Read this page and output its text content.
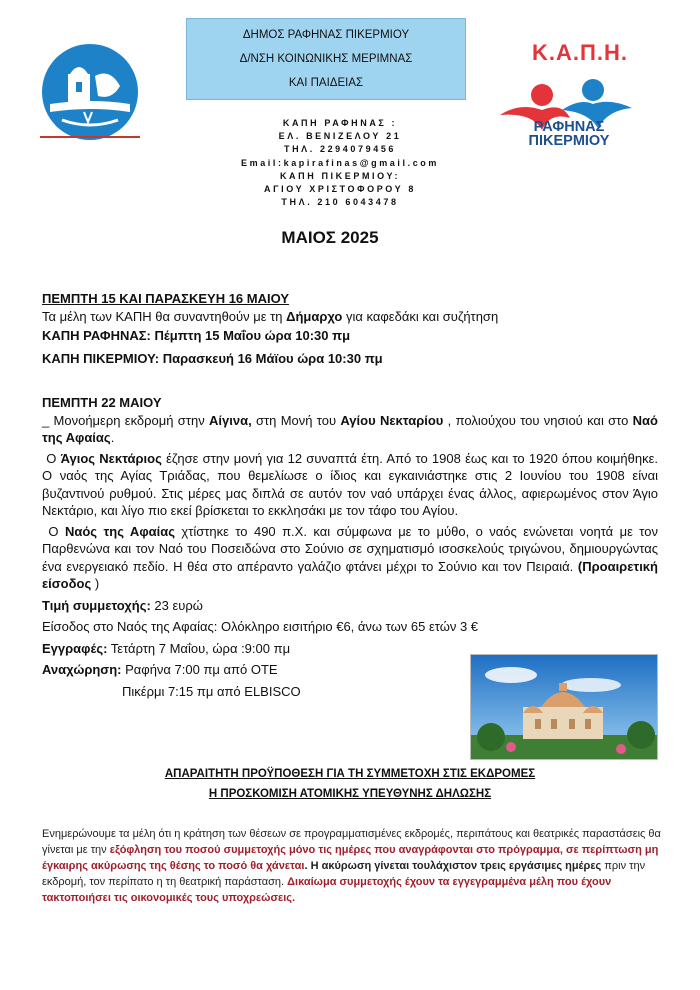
ΔΗΜΟΣ ΡΑΦΗΝΑΣ ΠΙΚΕΡΜΙΟΥ
Δ/ΝΣΗ ΚΟΙΝΩΝΙΚΗΣ ΜΕΡΙΜΝΑΣ
ΚΑΙ ΠΑΙΔΕΙΑΣ
Κ.Α.Π.Η.
ΡΑΦΗΝΑΣ
ΠΙΚΕΡΜΙΟΥ
ΚΑΠΗ ΡΑΦΗΝΑΣ :
ΕΛ. ΒΕΝΙΖΕΛΟΥ 21
ΤΗΛ. 2294079456
Email:kapirafinas@gmail.com
ΚΑΠΗ ΠΙΚΕΡΜΙΟΥ:
ΑΓΙΟΥ ΧΡΙΣΤΟΦΟΡΟΥ 8
ΤΗΛ. 210 6043478
ΜΑΙΟΣ 2025
ΠΕΜΠΤΗ 15 ΚΑΙ ΠΑΡΑΣΚΕΥΗ 16 ΜΑΙΟΥ
Τα μέλη των ΚΑΠΗ θα συναντηθούν με τη Δήμαρχο για καφεδάκι και συζήτηση
ΚΑΠΗ ΡΑΦΗΝΑΣ: Πέμπτη 15 Μαΐου ώρα 10:30 πμ
ΚΑΠΗ ΠΙΚΕΡΜΙΟΥ: Παρασκευή 16 Μάϊου ώρα 10:30 πμ
ΠΕΜΠΤΗ 22 ΜΑΙΟΥ
_ Μονοήμερη εκδρομή στην Αίγινα, στη Μονή του Αγίου Νεκταρίου , πολιούχου του νησιού και στο Ναό της Αφαίας.
Ο Άγιος Νεκτάριος έζησε στην μονή για 12 συναπτά έτη. Από το 1908 έως και το 1920 όπου κοιμήθηκε. Ο ναός της Αγίας Τριάδας, που θεμελίωσε ο ίδιος και εγκαινιάστηκε στις 2 Ιουνίου του 1908 είναι βυζαντινού ρυθμού. Στις μέρες μας διπλά σε αυτόν τον ναό υπάρχει ένας άλλος, αφιερωμένος στον Άγιο Νεκτάριο, και λίγο πιο εκεί βρίσκεται το εκκλησάκι με τον τάφο του Αγίου.
Ο Ναός της Αφαίας χτίστηκε το 490 π.Χ. και σύμφωνα με το μύθο, ο ναός ενώνεται νοητά με τον Παρθενώνα και τον Ναό του Ποσειδώνα στο Σούνιο σε σχηματισμό ισοσκελούς τριγώνου, δημιουργώντας ένα ενεργειακό πεδίο. Η θέα στο απέραντο γαλάζιο φτάνει μέχρι το Σούνιο και τον Πειραιά. (Προαιρετική είσοδος )
Τιμή συμμετοχής: 23 ευρώ
Είσοδος στο Ναός της Αφαίας: Ολόκληρο εισιτήριο €6, άνω των 65 ετών 3 €
Εγγραφές: Τετάρτη 7 Μαΐου, ώρα :9:00 πμ
Αναχώρηση: Ραφήνα 7:00 πμ από ΟΤΕ
Πικέρμι 7:15 πμ από ELBISCO
ΑΠΑΡΑΙΤΗΤΗ ΠΡΟΫΠΟΘΕΣΗ ΓΙΑ ΤΗ ΣΥΜΜΕΤΟΧΗ ΣΤΙΣ ΕΚΔΡΟΜΕΣ
Η ΠΡΟΣΚΟΜΙΣΗ ΑΤΟΜΙΚΗΣ ΥΠΕΥΘΥΝΗΣ ΔΗΛΩΣΗΣ
Ενημερώνουμε τα μέλη ότι η κράτηση των θέσεων σε προγραμματισμένες εκδρομές, περιπάτους και θεατρικές παραστάσεις θα γίνεται με την εξόφληση του ποσού συμμετοχής μόνο τις ημέρες που αναγράφονται στο πρόγραμμα, σε περίπτωση μη έγκαιρης ακύρωσης της θέσης το ποσό θα χάνεται. Η ακύρωση γίνεται τουλάχιστον τρεις εργάσιμες ημέρες πριν την εκδρομή, τον περίπατο η τη θεατρική παράσταση. Δικαίωμα συμμετοχής έχουν τα εγγεγραμμένα μέλη που έχουν τακτοποιήσει τις οικονομικές τους υποχρεώσεις.
